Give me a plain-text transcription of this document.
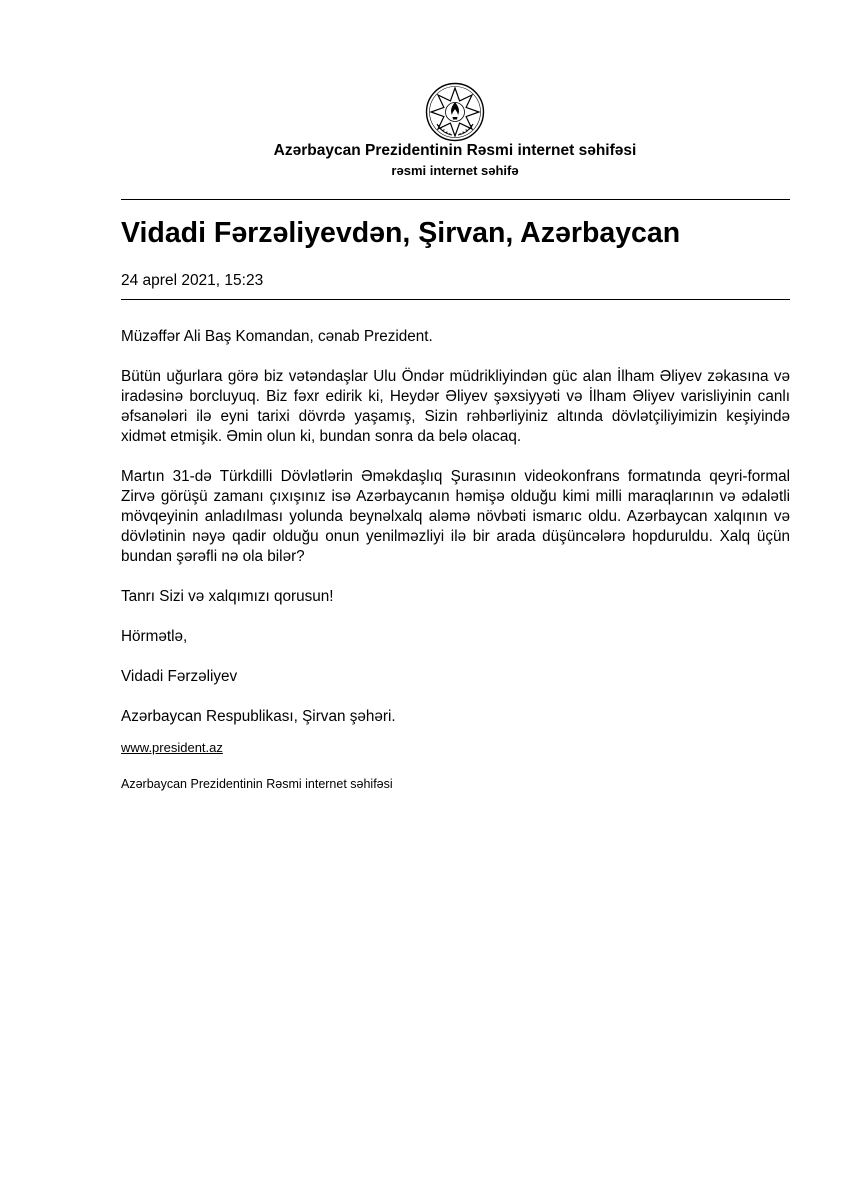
Azərbaycan Prezidentinin Rəsmi internet səhifəsi
rəsmi internet səhifə
Vidadi Fərzəliyevdən, Şirvan, Azərbaycan
24 aprel 2021, 15:23

Müzəffər Ali Baş Komandan, cənab Prezident.

Bütün uğurlara görə biz vətəndaşlar Ulu Öndər müdrikliyindən güc alan İlham Əliyev zəkasına və iradəsinə borcluyuq. Biz fəxr edirik ki, Heydər Əliyev şəxsiyyəti və İlham Əliyev varisliyinin canlı əfsanələri ilə eyni tarixi dövrdə yaşamış, Sizin rəhbərliyiniz altında dövlətçiliyimizin keşiyində xidmət etmişik. Əmin olun ki, bundan sonra da belə olacaq.

Martın 31-də Türkdilli Dövlətlərin Əməkdaşlıq Şurasının videokonfrans formatında qeyri-formal Zirvə görüşü zamanı çıxışınız isə Azərbaycanın həmişə olduğu kimi milli maraqlarının və ədalətli mövqeyinin anladılması yolunda beynəlxalq aləmə növbəti ismarıc oldu. Azərbaycan xalqının və dövlətinin nəyə qadir olduğu onun yenilməzliyi ilə bir arada düşüncələrə hopduruldu. Xalq üçün bundan şərəfli nə ola bilər?

Tanrı Sizi və xalqımızı qorusun!

Hörmətlə,

Vidadi Fərzəliyev

Azərbaycan Respublikası, Şirvan şəhəri.

www.president.az

Azərbaycan Prezidentinin Rəsmi internet səhifəsi
